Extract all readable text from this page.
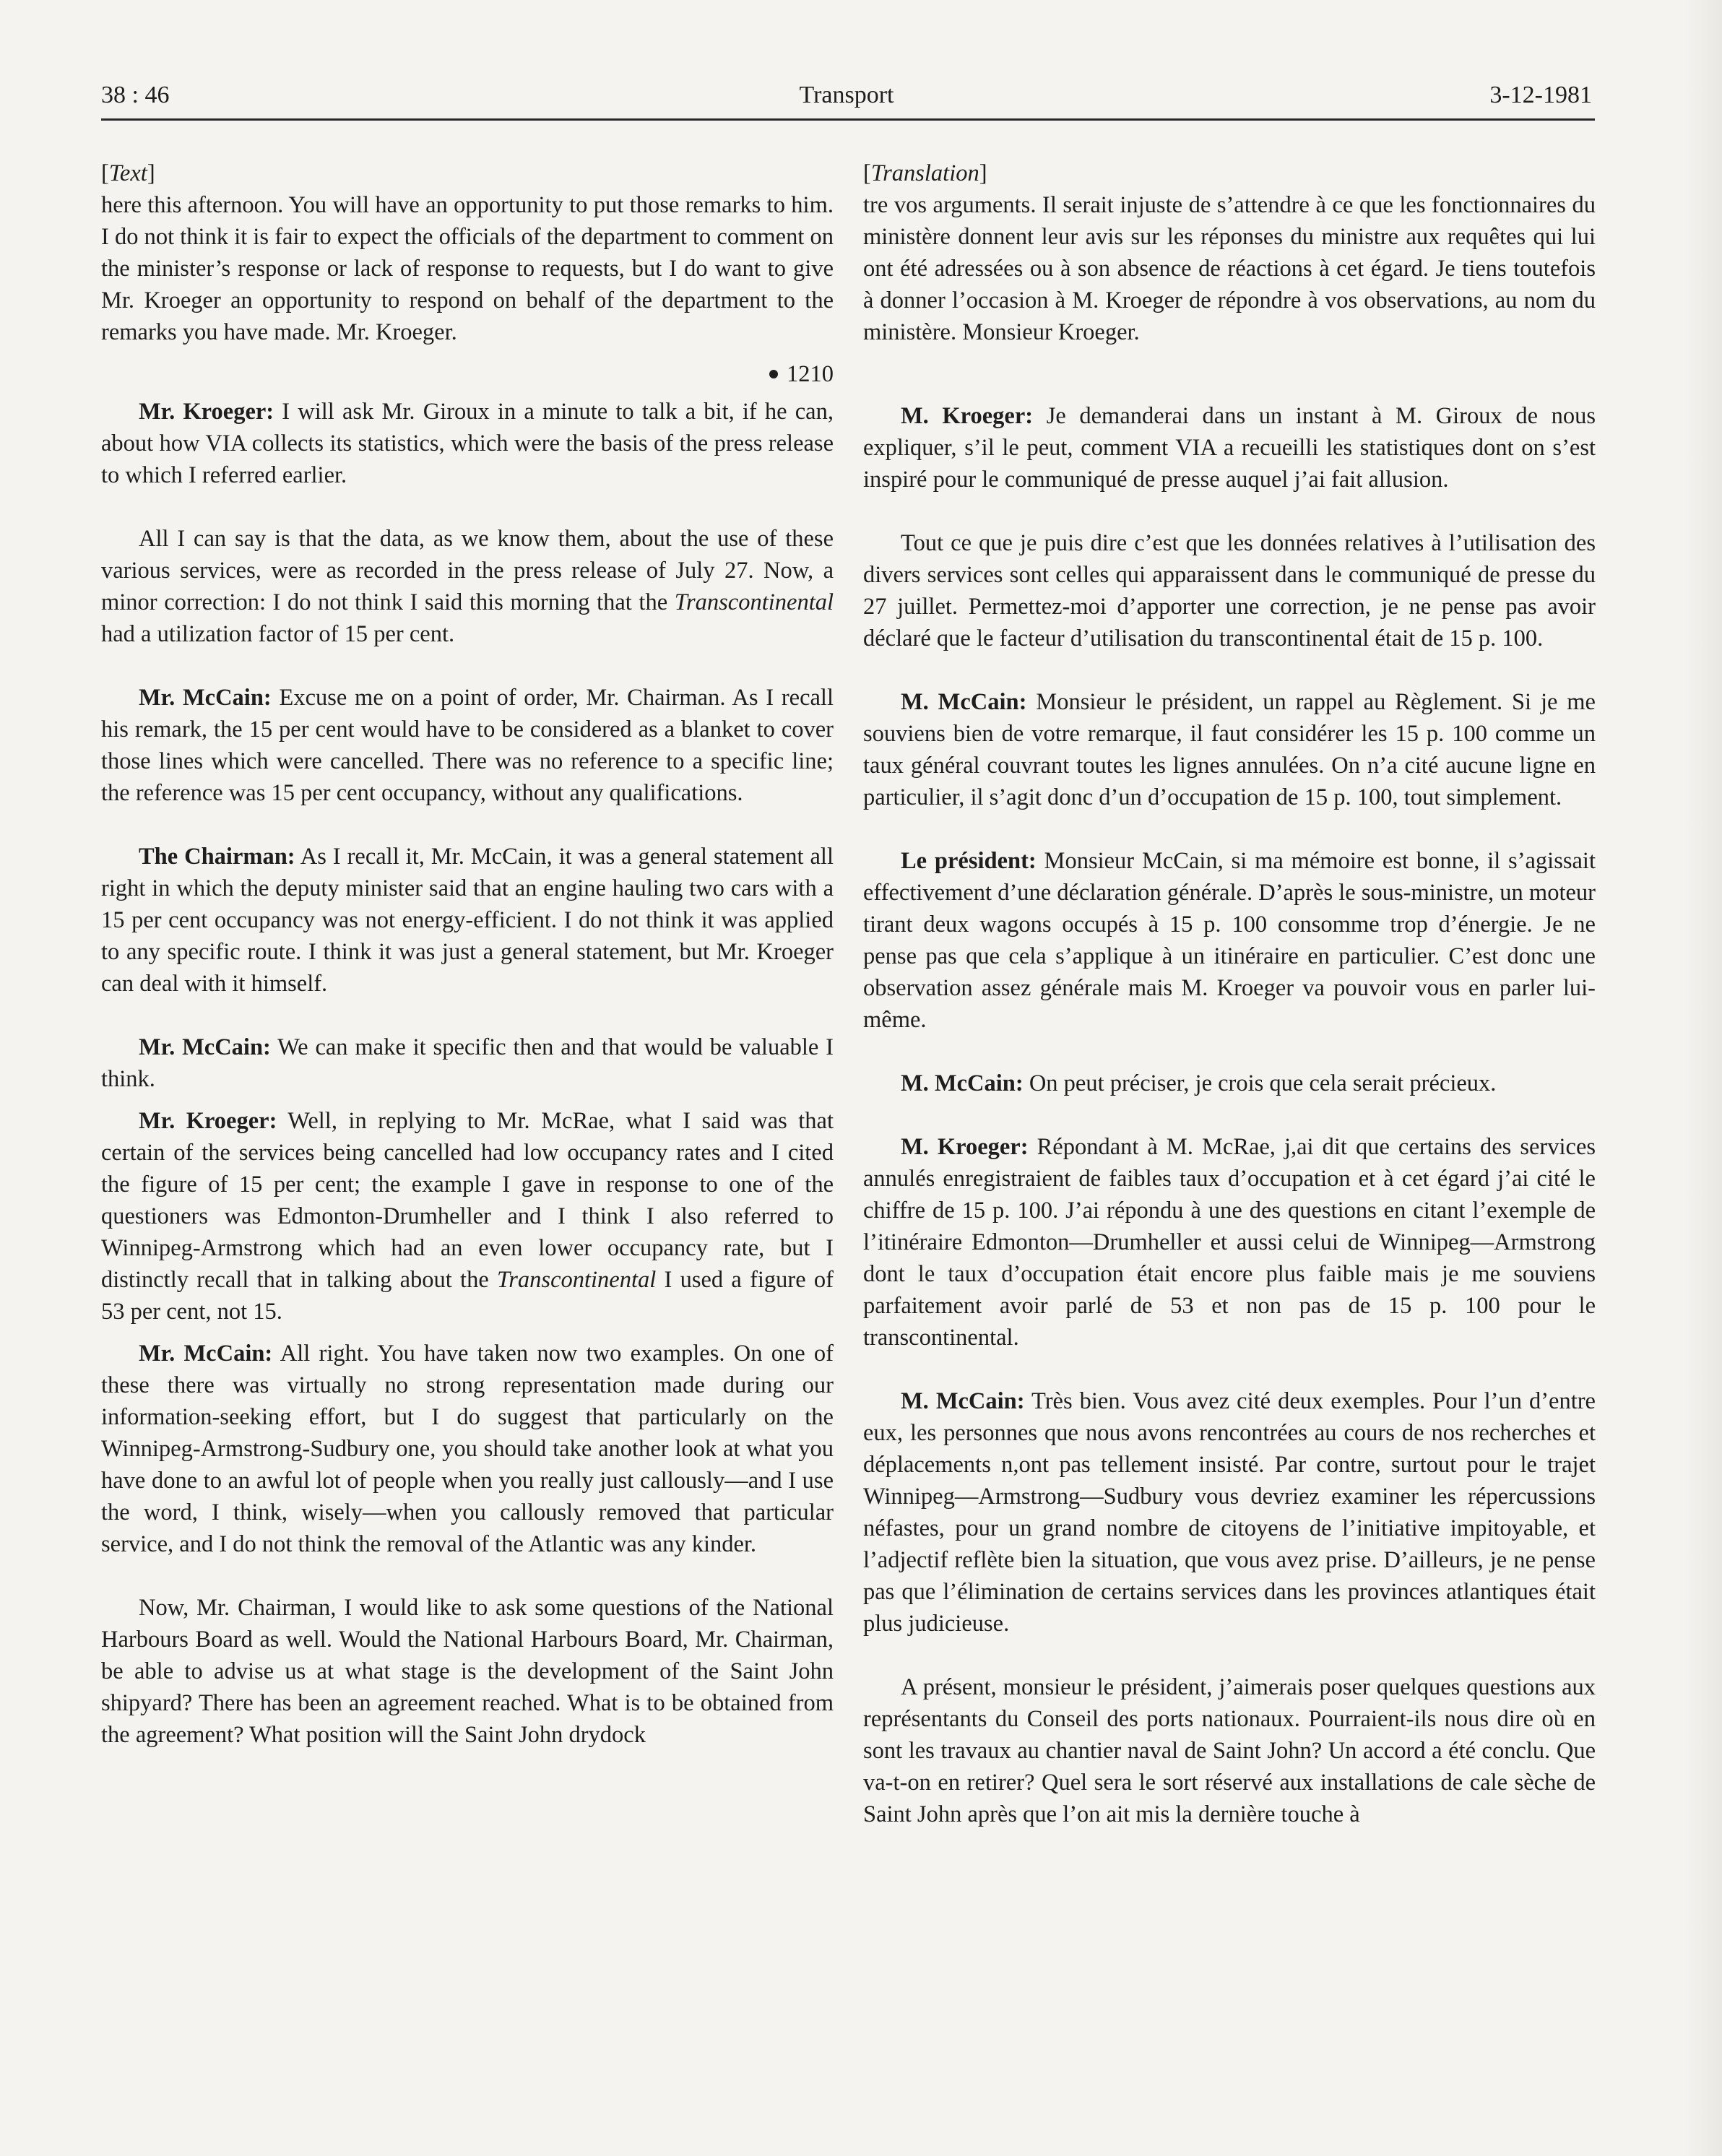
38 : 46	Transport	3-12-1981
[Text]

here this afternoon. You will have an opportunity to put those remarks to him. I do not think it is fair to expect the officials of the department to comment on the minister’s response or lack of response to requests, but I do want to give Mr. Kroeger an opportunity to respond on behalf of the department to the remarks you have made. Mr. Kroeger.

1210

Mr. Kroeger: I will ask Mr. Giroux in a minute to talk a bit, if he can, about how VIA collects its statistics, which were the basis of the press release to which I referred earlier.

All I can say is that the data, as we know them, about the use of these various services, were as recorded in the press release of July 27. Now, a minor correction: I do not think I said this morning that the Transcontinental had a utilization factor of 15 per cent.

Mr. McCain: Excuse me on a point of order, Mr. Chairman. As I recall his remark, the 15 per cent would have to be considered as a blanket to cover those lines which were cancelled. There was no reference to a specific line; the reference was 15 per cent occupancy, without any qualifications.

The Chairman: As I recall it, Mr. McCain, it was a general statement all right in which the deputy minister said that an engine hauling two cars with a 15 per cent occupancy was not energy-efficient. I do not think it was applied to any specific route. I think it was just a general statement, but Mr. Kroeger can deal with it himself.

Mr. McCain: We can make it specific then and that would be valuable I think.

Mr. Kroeger: Well, in replying to Mr. McRae, what I said was that certain of the services being cancelled had low occupancy rates and I cited the figure of 15 per cent; the example I gave in response to one of the questioners was Edmonton-Drumheller and I think I also referred to Winnipeg-Armstrong which had an even lower occupancy rate, but I distinctly recall that in talking about the Transcontinental I used a figure of 53 per cent, not 15.

Mr. McCain: All right. You have taken now two examples. On one of these there was virtually no strong representation made during our information-seeking effort, but I do suggest that particularly on the Winnipeg-Armstrong-Sudbury one, you should take another look at what you have done to an awful lot of people when you really just callously—and I use the word, I think, wisely—when you callously removed that particular service, and I do not think the removal of the Atlantic was any kinder.

Now, Mr. Chairman, I would like to ask some questions of the National Harbours Board as well. Would the National Harbours Board, Mr. Chairman, be able to advise us at what stage is the development of the Saint John shipyard? There has been an agreement reached. What is to be obtained from the agreement? What position will the Saint John drydock

[Translation]

tre vos arguments. Il serait injuste de s’attendre à ce que les fonctionnaires du ministère donnent leur avis sur les réponses du ministre aux requêtes qui lui ont été adressées ou à son absence de réactions à cet égard. Je tiens toutefois à donner l’occasion à M. Kroeger de répondre à vos observations, au nom du ministère. Monsieur Kroeger.

M. Kroeger: Je demanderai dans un instant à M. Giroux de nous expliquer, s’il le peut, comment VIA a recueilli les statistiques dont on s’est inspiré pour le communiqué de presse auquel j’ai fait allusion.

Tout ce que je puis dire c’est que les données relatives à l’utilisation des divers services sont celles qui apparaissent dans le communiqué de presse du 27 juillet. Permettez-moi d’apporter une correction, je ne pense pas avoir déclaré que le facteur d’utilisation du transcontinental était de 15 p. 100.

M. McCain: Monsieur le président, un rappel au Règlement. Si je me souviens bien de votre remarque, il faut considérer les 15 p. 100 comme un taux général couvrant toutes les lignes annulées. On n’a cité aucune ligne en particulier, il s’agit donc d’un d’occupation de 15 p. 100, tout simplement.

Le président: Monsieur McCain, si ma mémoire est bonne, il s’agissait effectivement d’une déclaration générale. D’après le sous-ministre, un moteur tirant deux wagons occupés à 15 p. 100 consomme trop d’énergie. Je ne pense pas que cela s’applique à un itinéraire en particulier. C’est donc une observation assez générale mais M. Kroeger va pouvoir vous en parler lui-même.

M. McCain: On peut préciser, je crois que cela serait précieux.

M. Kroeger: Répondant à M. McRae, j,ai dit que certains des services annulés enregistraient de faibles taux d’occupation et à cet égard j’ai cité le chiffre de 15 p. 100. J’ai répondu à une des questions en citant l’exemple de l’itinéraire Edmonton—Drumheller et aussi celui de Winnipeg—Armstrong dont le taux d’occupation était encore plus faible mais je me souviens parfaitement avoir parlé de 53 et non pas de 15 p. 100 pour le transcontinental.

M. McCain: Très bien. Vous avez cité deux exemples. Pour l’un d’entre eux, les personnes que nous avons rencontrées au cours de nos recherches et déplacements n,ont pas tellement insisté. Par contre, surtout pour le trajet Winnipeg—Armstrong—Sudbury vous devriez examiner les répercussions néfastes, pour un grand nombre de citoyens de l’initiative impitoyable, et l’adjectif reflète bien la situation, que vous avez prise. D’ailleurs, je ne pense pas que l’élimination de certains services dans les provinces atlantiques était plus judicieuse.

A présent, monsieur le président, j’aimerais poser quelques questions aux représentants du Conseil des ports nationaux. Pourraient-ils nous dire où en sont les travaux au chantier naval de Saint John? Un accord a été conclu. Que va-t-on en retirer? Quel sera le sort réservé aux installations de cale sèche de Saint John après que l’on ait mis la dernière touche à
